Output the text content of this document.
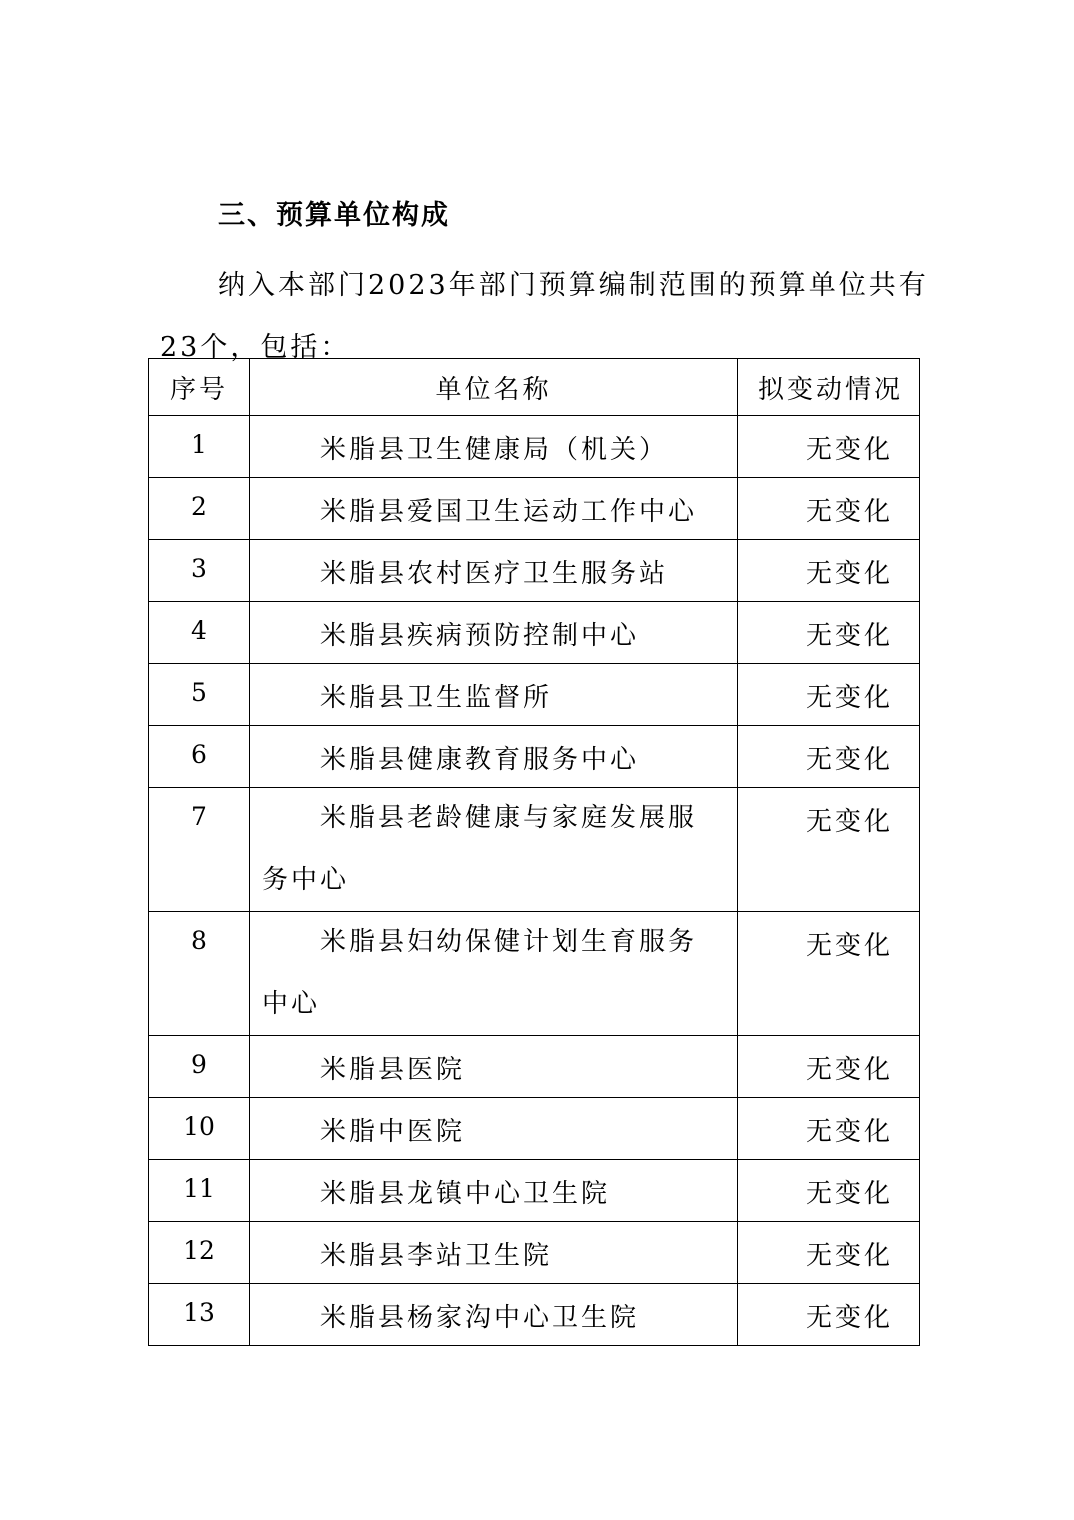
三、预算单位构成
纳入本部门2023年部门预算编制范围的预算单位共有23个，包括：
序号	单位名称	拟变动情况
1	米脂县卫生健康局（机关）	无变化
2	米脂县爱国卫生运动工作中心	无变化
3	米脂县农村医疗卫生服务站	无变化
4	米脂县疾病预防控制中心	无变化
5	米脂县卫生监督所	无变化
6	米脂县健康教育服务中心	无变化
7	米脂县老龄健康与家庭发展服务中心	无变化
8	米脂县妇幼保健计划生育服务中心	无变化
9	米脂县医院	无变化
10	米脂中医院	无变化
11	米脂县龙镇中心卫生院	无变化
12	米脂县李站卫生院	无变化
13	米脂县杨家沟中心卫生院	无变化
